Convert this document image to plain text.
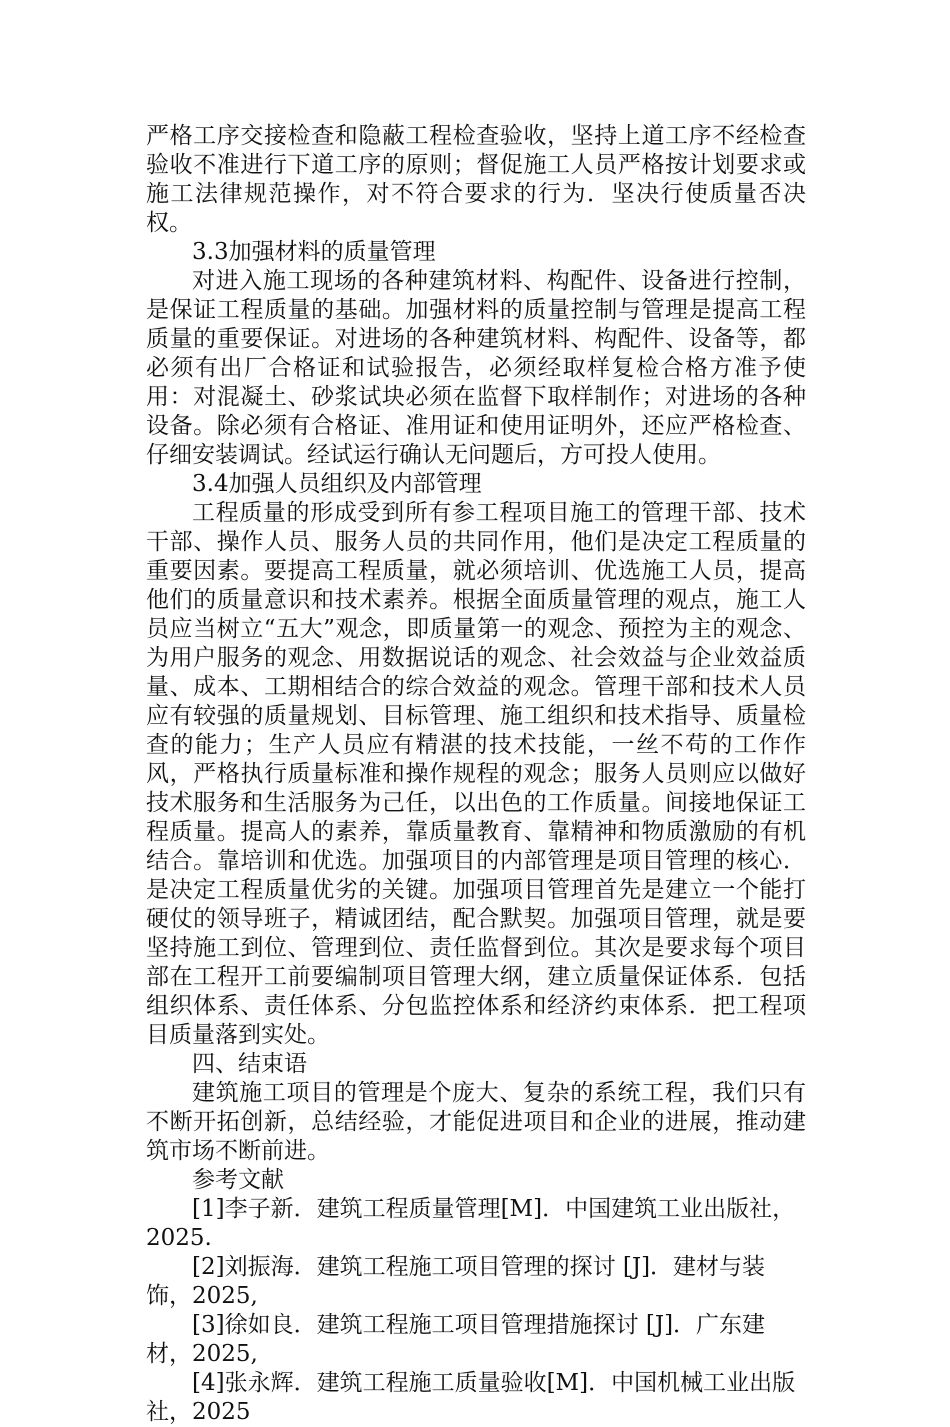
严格工序交接检查和隐蔽工程检查验收，坚持上道工序不经检查验收不准进行下道工序的原则；督促施工人员严格按计划要求或施工法律规范操作，对不符合要求的行为．坚决行使质量否决权。

3.3加强材料的质量管理

对进入施工现场的各种建筑材料、构配件、设备进行控制，是保证工程质量的基础。加强材料的质量控制与管理是提高工程质量的重要保证。对进场的各种建筑材料、构配件、设备等，都必须有出厂合格证和试验报告，必须经取样复检合格方准予使用：对混凝土、砂浆试块必须在监督下取样制作；对进场的各种设备。除必须有合格证、准用证和使用证明外，还应严格检查、仔细安装调试。经试运行确认无问题后，方可投人使用。

3.4加强人员组织及内部管理

工程质量的形成受到所有参工程项目施工的管理干部、技术干部、操作人员、服务人员的共同作用，他们是决定工程质量的重要因素。要提高工程质量，就必须培训、优选施工人员，提高他们的质量意识和技术素养。根据全面质量管理的观点，施工人员应当树立“五大”观念，即质量第一的观念、预控为主的观念、为用户服务的观念、用数据说话的观念、社会效益与企业效益质量、成本、工期相结合的综合效益的观念。管理干部和技术人员应有较强的质量规划、目标管理、施工组织和技术指导、质量检查的能力；生产人员应有精湛的技术技能，一丝不苟的工作作风，严格执行质量标准和操作规程的观念；服务人员则应以做好技术服务和生活服务为己任，以出色的工作质量。间接地保证工程质量。提高人的素养，靠质量教育、靠精神和物质激励的有机结合。靠培训和优选。加强项目的内部管理是项目管理的核心．是决定工程质量优劣的关键。加强项目管理首先是建立一个能打硬仗的领导班子，精诚团结，配合默契。加强项目管理，就是要坚持施工到位、管理到位、责任监督到位。其次是要求每个项目部在工程开工前要编制项目管理大纲，建立质量保证体系．包括组织体系、责任体系、分包监控体系和经济约束体系．把工程项目质量落到实处。

四、结束语

建筑施工项目的管理是个庞大、复杂的系统工程，我们只有不断开拓创新，总结经验，才能促进项目和企业的进展，推动建筑市场不断前进。

参考文献

[1]李子新．建筑工程质量管理[M]．中国建筑工业出版社，2025.

[2]刘振海．建筑工程施工项目管理的探讨 [J]．建材与装饰，2025,

[3]徐如良．建筑工程施工项目管理措施探讨 [J]．广东建材，2025,

[4]张永辉．建筑工程施工质量验收[M]．中国机械工业出版社，2025
